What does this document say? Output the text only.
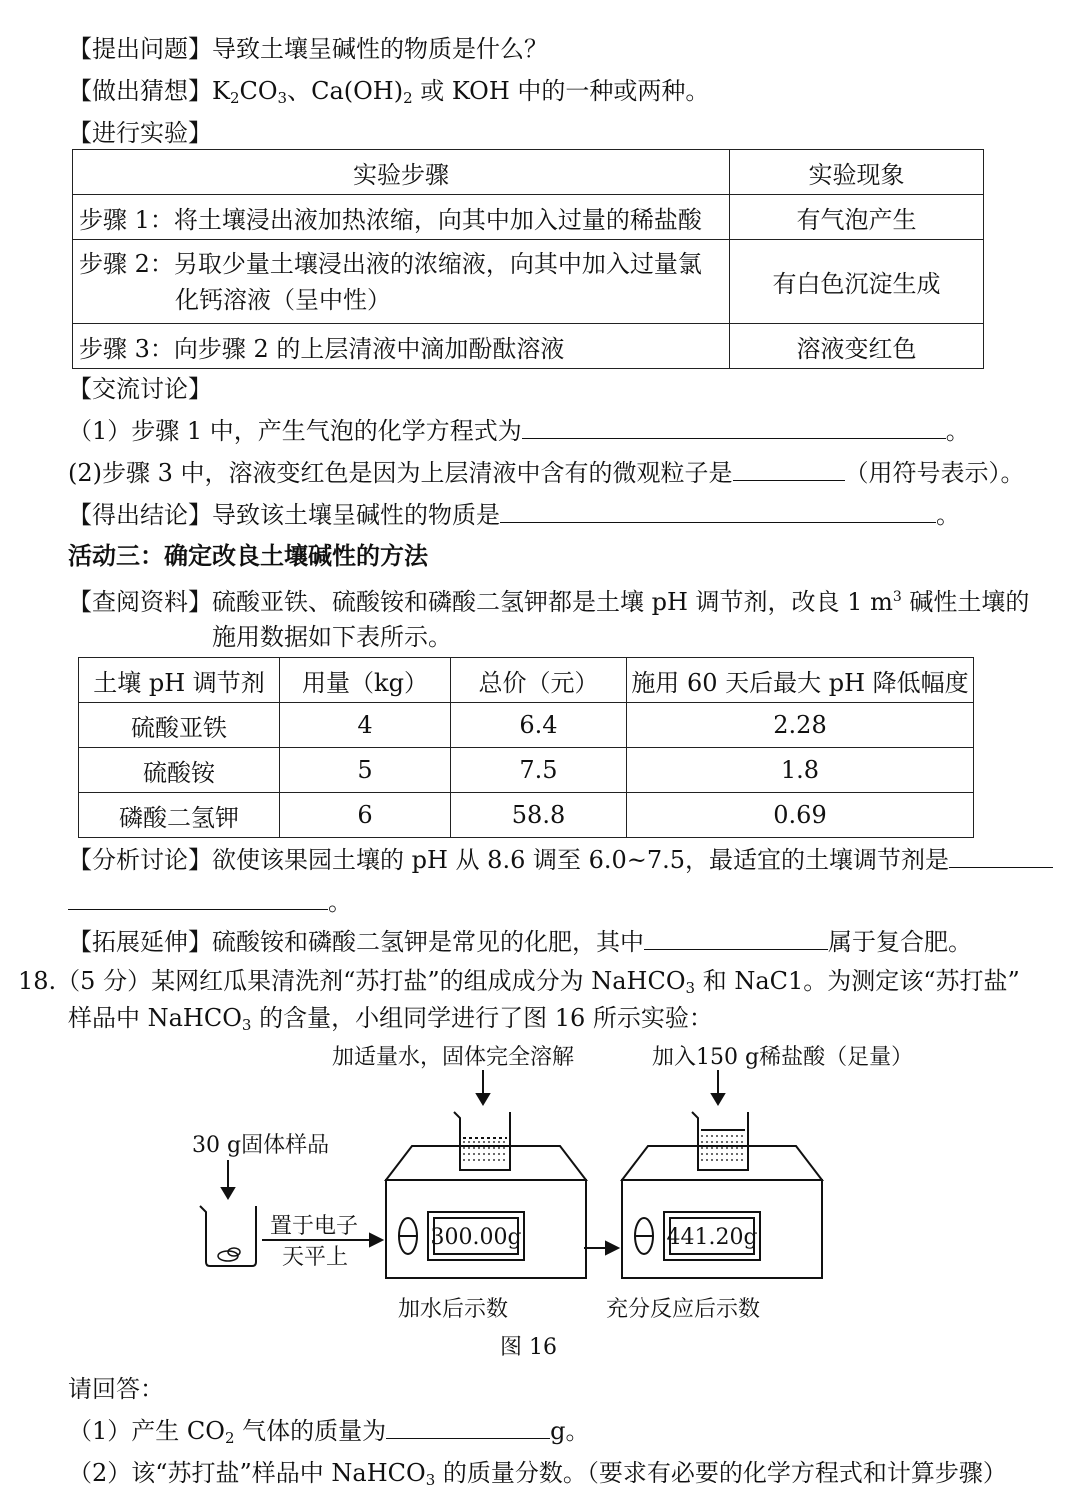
【提出问题】导致土壤呈碱性的物质是什么？
【做出猜想】$K_2CO_3$、$Ca(OH)_2$ 或 KOH 中的一种或两种。
【进行实验】
实验步骤	实验现象
步骤 1：将土壤浸出液加热浓缩，向其中加入过量的稀盐酸	有气泡产生
步骤 2：另取少量土壤浸出液的浓缩液，向其中加入过量氯
化钙溶液（呈中性）	有白色沉淀生成
步骤 3：向步骤 2 的上层清液中滴加酚酞溶液	溶液变红色
【交流讨论】
（1）步骤 1 中，产生气泡的化学方程式为	。
(2)步骤 3 中，溶液变红色是因为上层清液中含有的微观粒子是	（用符号表示）。
【得出结论】导致该土壤呈碱性的物质是	。
活动三：确定改良土壤碱性的方法
【查阅资料】硫酸亚铁、硫酸铵和磷酸二氢钾都是土壤 pH 调节剂，改良 1 $m^3$ 碱性土壤的
施用数据如下表所示。
土壤 pH 调节剂	用量（kg）	总价（元）	施用 60 天后最大 pH 降低幅度
硫酸亚铁	4	6.4	2.28
硫酸铵	5	7.5	1.8
磷酸二氢钾	6	58.8	0.69
【分析讨论】欲使该果园土壤的 pH 从 8.6 调至 6.0~7.5，最适宜的土壤调节剂是
。
【拓展延伸】硫酸铵和磷酸二氢钾是常见的化肥，其中	属于复合肥。
18.（5 分）某网红瓜果清洗剂“苏打盐”的组成成分为 NaHCO$_3$ 和 NaC1。为测定该“苏打盐”
样品中 NaHCO$_3$ 的含量，小组同学进行了图 16 所示实验：
加适量水，固体完全溶解	加入150 g稀盐酸（足量）
30 g固体样品
置于电子
天平上
加水后示数	充分反应后示数
图 16
300.00g	441.20g
请回答：
（1）产生 $CO_2$ 气体的质量为	g。
（2）该“苏打盐”样品中 NaHCO$_3$ 的质量分数。（要求有必要的化学方程式和计算步骤）
